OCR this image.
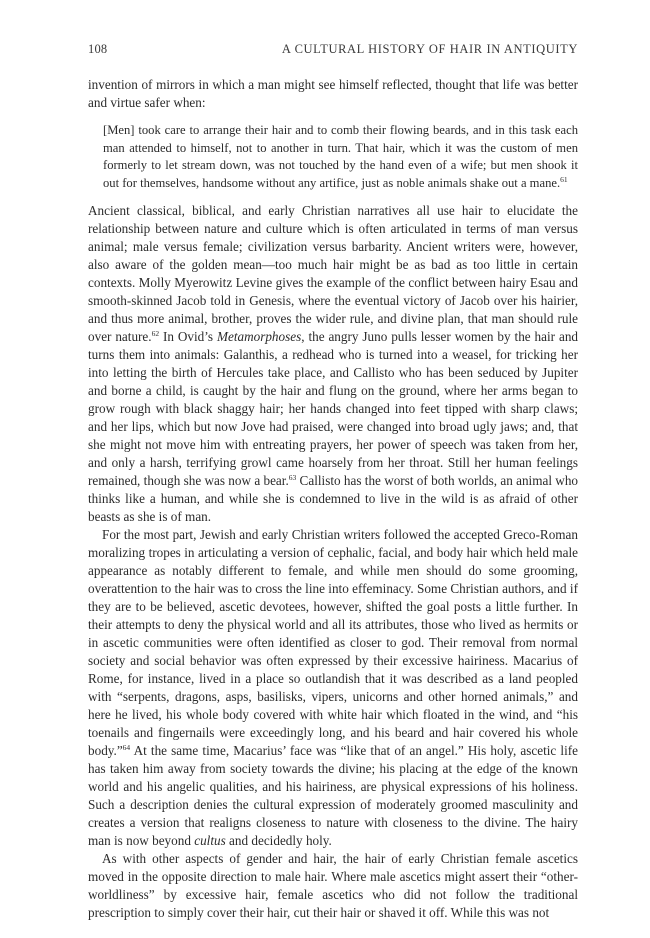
108	A CULTURAL HISTORY OF HAIR IN ANTIQUITY

invention of mirrors in which a man might see himself reflected, thought that life was better and virtue safer when:

[Men] took care to arrange their hair and to comb their flowing beards, and in this task each man attended to himself, not to another in turn. That hair, which it was the custom of men formerly to let stream down, was not touched by the hand even of a wife; but men shook it out for themselves, handsome without any artifice, just as noble animals shake out a mane.$^{61}$

Ancient classical, biblical, and early Christian narratives all use hair to elucidate the relationship between nature and culture which is often articulated in terms of man versus animal; male versus female; civilization versus barbarity. Ancient writers were, however, also aware of the golden mean—too much hair might be as bad as too little in certain contexts. Molly Myerowitz Levine gives the example of the conflict between hairy Esau and smooth-skinned Jacob told in Genesis, where the eventual victory of Jacob over his hairier, and thus more animal, brother, proves the wider rule, and divine plan, that man should rule over nature.$^{62}$ In Ovid’s Metamorphoses, the angry Juno pulls lesser women by the hair and turns them into animals: Galanthis, a redhead who is turned into a weasel, for tricking her into letting the birth of Hercules take place, and Callisto who has been seduced by Jupiter and borne a child, is caught by the hair and flung on the ground, where her arms began to grow rough with black shaggy hair; her hands changed into feet tipped with sharp claws; and her lips, which but now Jove had praised, were changed into broad ugly jaws; and, that she might not move him with entreating prayers, her power of speech was taken from her, and only a harsh, terrifying growl came hoarsely from her throat. Still her human feelings remained, though she was now a bear.$^{63}$ Callisto has the worst of both worlds, an animal who thinks like a human, and while she is condemned to live in the wild is as afraid of other beasts as she is of man.

For the most part, Jewish and early Christian writers followed the accepted Greco-Roman moralizing tropes in articulating a version of cephalic, facial, and body hair which held male appearance as notably different to female, and while men should do some grooming, overattention to the hair was to cross the line into effeminacy. Some Christian authors, and if they are to be believed, ascetic devotees, however, shifted the goal posts a little further. In their attempts to deny the physical world and all its attributes, those who lived as hermits or in ascetic communities were often identified as closer to god. Their removal from normal society and social behavior was often expressed by their excessive hairiness. Macarius of Rome, for instance, lived in a place so outlandish that it was described as a land peopled with “serpents, dragons, asps, basilisks, vipers, unicorns and other horned animals,” and here he lived, his whole body covered with white hair which floated in the wind, and “his toenails and fingernails were exceedingly long, and his beard and hair covered his whole body.”$^{64}$ At the same time, Macarius’ face was “like that of an angel.” His holy, ascetic life has taken him away from society towards the divine; his placing at the edge of the known world and his angelic qualities, and his hairiness, are physical expressions of his holiness. Such a description denies the cultural expression of moderately groomed masculinity and creates a version that realigns closeness to nature with closeness to the divine. The hairy man is now beyond cultus and decidedly holy.

As with other aspects of gender and hair, the hair of early Christian female ascetics moved in the opposite direction to male hair. Where male ascetics might assert their “other-worldliness” by excessive hair, female ascetics who did not follow the traditional prescription to simply cover their hair, cut their hair or shaved it off. While this was not
